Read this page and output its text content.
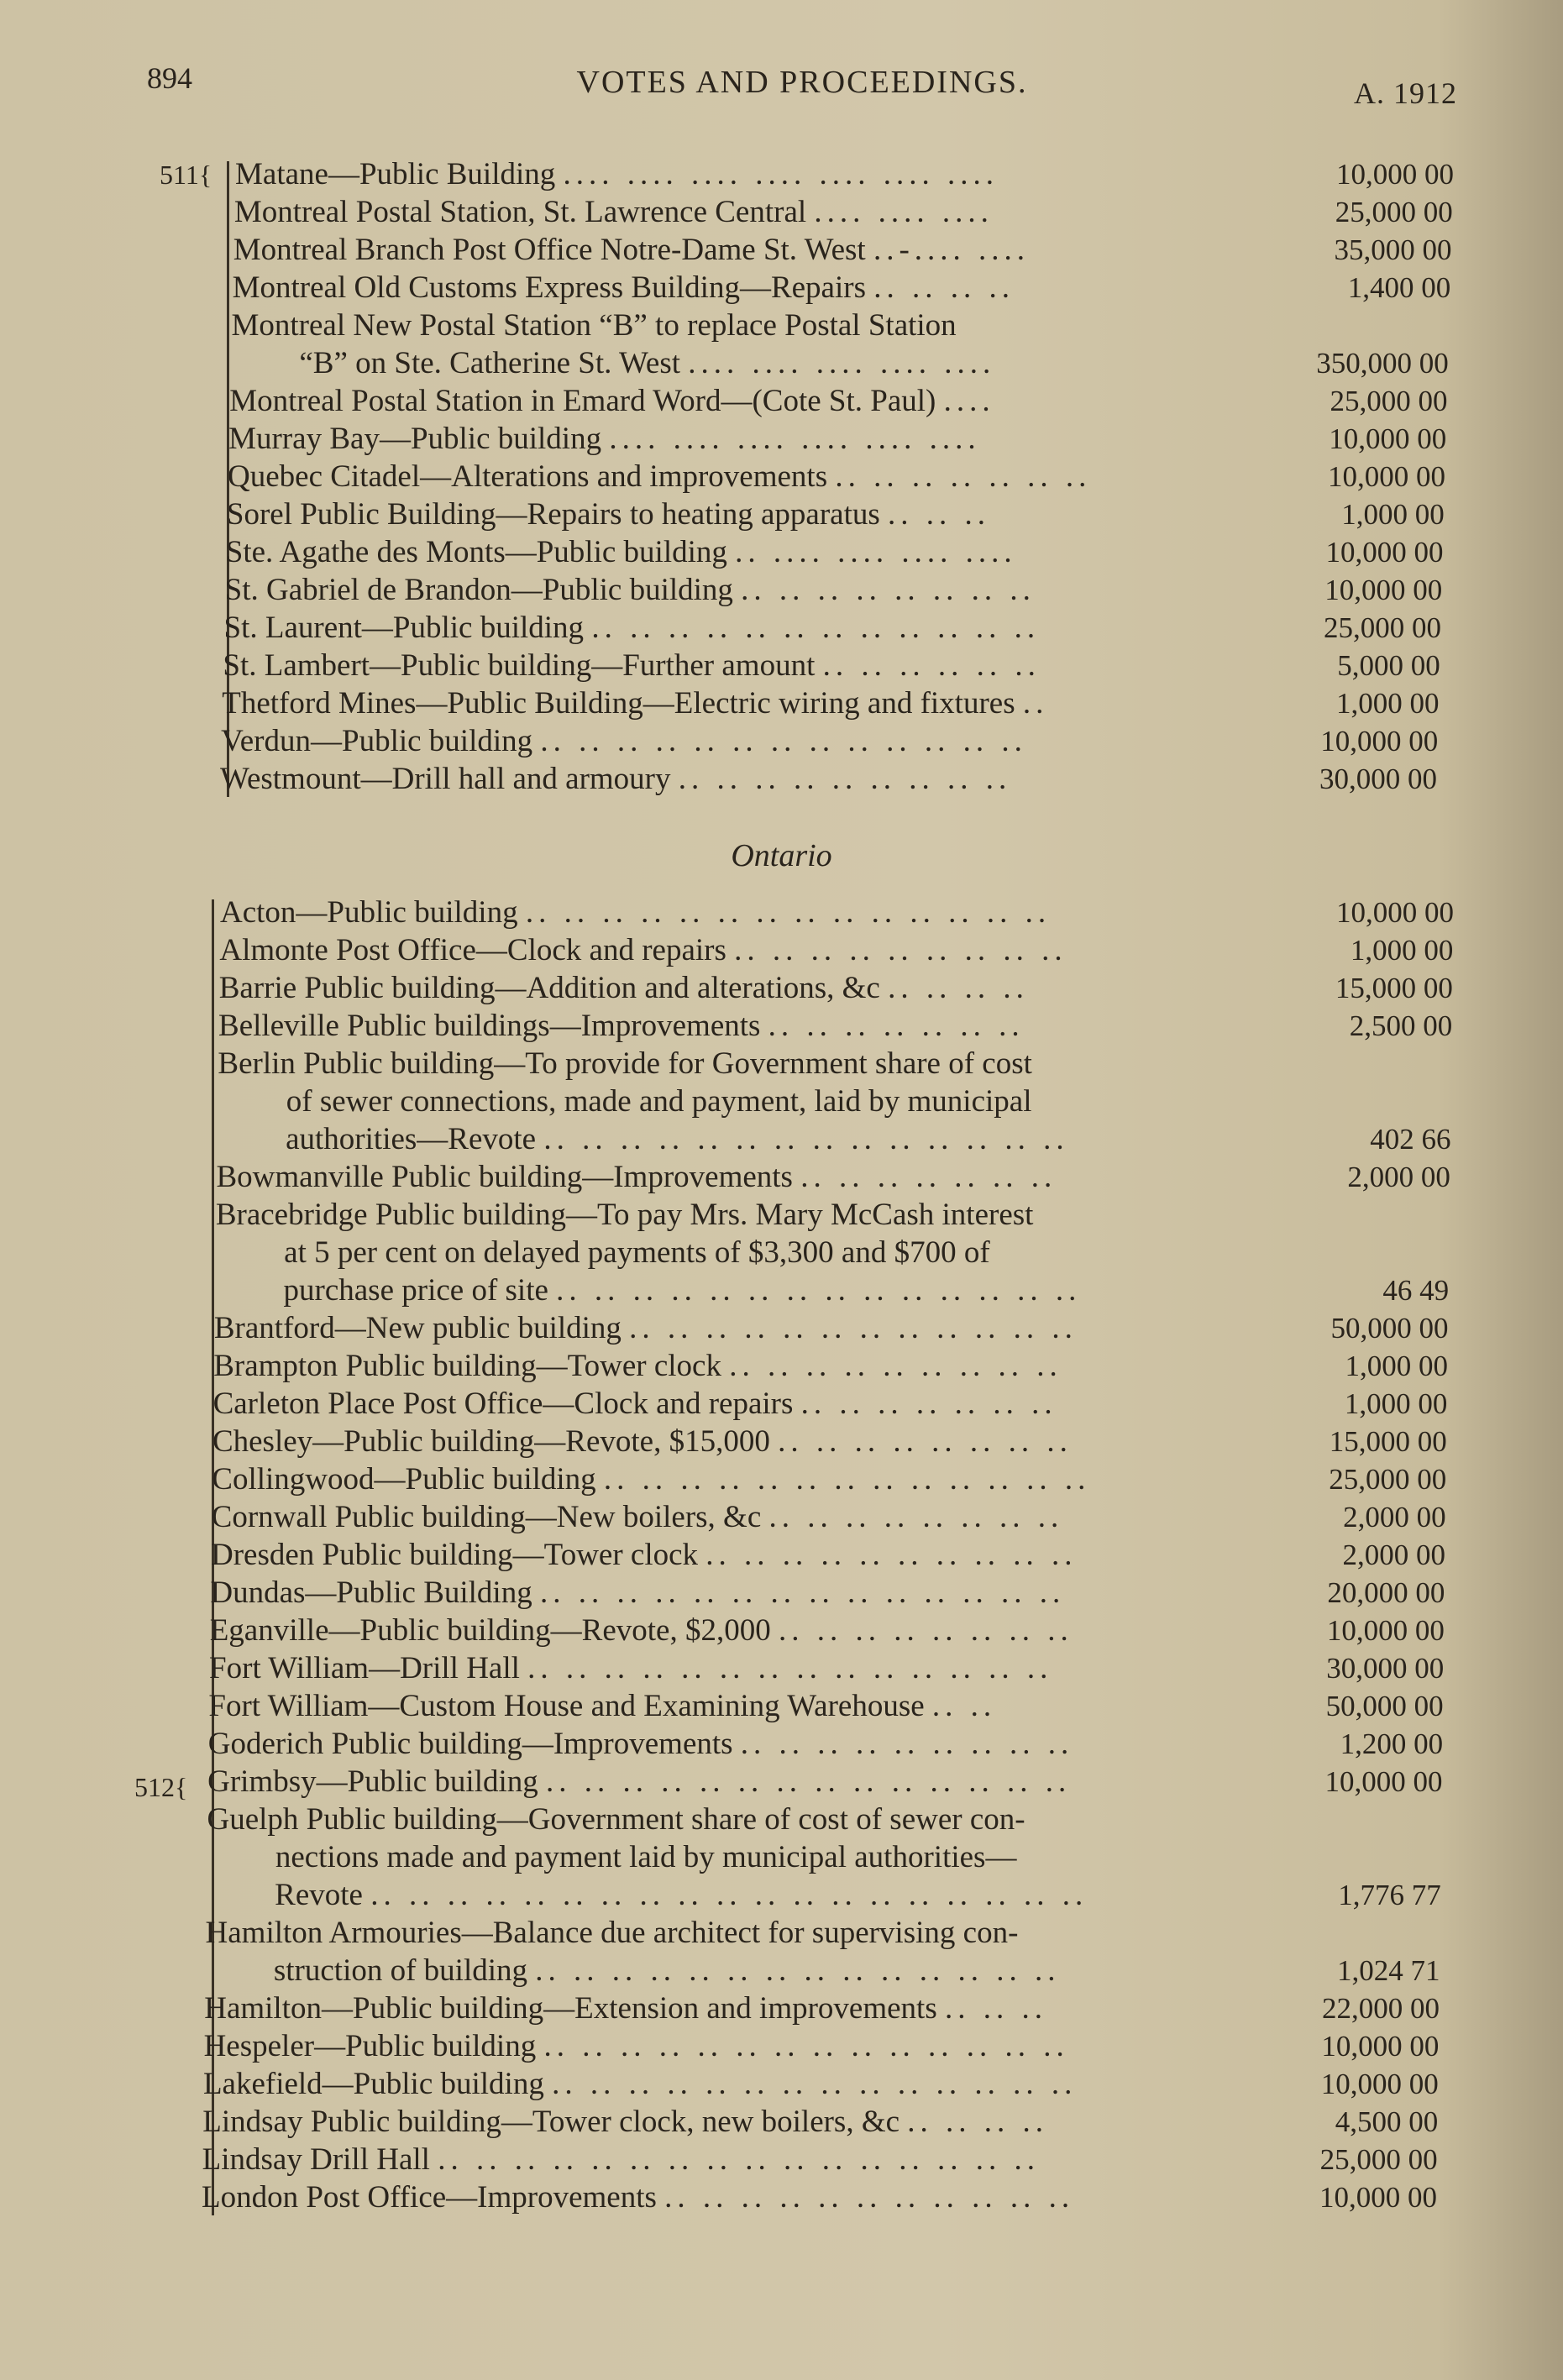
894	VOTES AND PROCEEDINGS.	A. 1912
511{ Matane—Public Building .... .... .... .... .... .... ....	10,000 00
Montreal Postal Station, St. Lawrence Central .... .... ....	25,000 00
Montreal Branch Post Office Notre-Dame St. West ..-.... ....	35,000 00
Montreal Old Customs Express Building—Repairs .. .. .. ..	1,400 00
Montreal New Postal Station “B” to replace Postal Station
“B” on Ste. Catherine St. West .... .... .... .... ....	350,000 00
Montreal Postal Station in Emard Word—(Cote St. Paul) ....	25,000 00
Murray Bay—Public building .... .... .... .... .... ....	10,000 00
Quebec Citadel—Alterations and improvements .. .. .. .. .. .. ..	10,000 00
Sorel Public Building—Repairs to heating apparatus .. .. ..	1,000 00
Ste. Agathe des Monts—Public building .. .... .... .... ....	10,000 00
St. Gabriel de Brandon—Public building .. .. .. .. .. .. .. ..	10,000 00
St. Laurent—Public building .. .. .. .. .. .. .. .. .. .. .. ..	25,000 00
St. Lambert—Public building—Further amount .. .. .. .. .. ..	5,000 00
Thetford Mines—Public Building—Electric wiring and fixtures ..	1,000 00
Verdun—Public building .. .. .. .. .. .. .. .. .. .. .. .. ..	10,000 00
Westmount—Drill hall and armoury .. .. .. .. .. .. .. .. ..	30,000 00
Ontario
Acton—Public building .. .. .. .. .. .. .. .. .. .. .. .. .. ..	10,000 00
Almonte Post Office—Clock and repairs .. .. .. .. .. .. .. .. ..	1,000 00
Barrie Public building—Addition and alterations, &c .. .. .. ..	15,000 00
Belleville Public buildings—Improvements .. .. .. .. .. .. ..	2,500 00
Berlin Public building—To provide for Government share of cost
of sewer connections, made and payment, laid by municipal
authorities—Revote .. .. .. .. .. .. .. .. .. .. .. .. .. ..	402 66
Bowmanville Public building—Improvements .. .. .. .. .. .. ..	2,000 00
Bracebridge Public building—To pay Mrs. Mary McCash interest
at 5 per cent on delayed payments of $3,300 and $700 of
purchase price of site .. .. .. .. .. .. .. .. .. .. .. .. .. ..	46 49
Brantford—New public building .. .. .. .. .. .. .. .. .. .. .. ..	50,000 00
Brampton Public building—Tower clock .. .. .. .. .. .. .. .. ..	1,000 00
Carleton Place Post Office—Clock and repairs .. .. .. .. .. .. ..	1,000 00
Chesley—Public building—Revote, $15,000 .. .. .. .. .. .. .. ..	15,000 00
Collingwood—Public building .. .. .. .. .. .. .. .. .. .. .. .. ..	25,000 00
Cornwall Public building—New boilers, &c .. .. .. .. .. .. .. ..	2,000 00
Dresden Public building—Tower clock .. .. .. .. .. .. .. .. .. ..	2,000 00
Dundas—Public Building .. .. .. .. .. .. .. .. .. .. .. .. .. ..	20,000 00
Eganville—Public building—Revote, $2,000 .. .. .. .. .. .. .. ..	10,000 00
Fort William—Drill Hall .. .. .. .. .. .. .. .. .. .. .. .. .. ..	30,000 00
Fort William—Custom House and Examining Warehouse .. ..	50,000 00
Goderich Public building—Improvements .. .. .. .. .. .. .. .. ..	1,200 00
Grimbsy—Public building .. .. .. .. .. .. .. .. .. .. .. .. .. ..	10,000 00
Guelph Public building—Government share of cost of sewer con-
nections made and payment laid by municipal authorities—
Revote .. .. .. .. .. .. .. .. .. .. .. .. .. .. .. .. .. .. ..	1,776 77
Hamilton Armouries—Balance due architect for supervising con-
struction of building .. .. .. .. .. .. .. .. .. .. .. .. .. ..	1,024 71
Hamilton—Public building—Extension and improvements .. .. ..	22,000 00
Hespeler—Public building .. .. .. .. .. .. .. .. .. .. .. .. .. ..	10,000 00
Lakefield—Public building .. .. .. .. .. .. .. .. .. .. .. .. .. ..	10,000 00
Lindsay Public building—Tower clock, new boilers, &c .. .. .. ..	4,500 00
Lindsay Drill Hall .. .. .. .. .. .. .. .. .. .. .. .. .. .. .. ..	25,000 00
London Post Office—Improvements .. .. .. .. .. .. .. .. .. .. ..	10,000 00
512{
